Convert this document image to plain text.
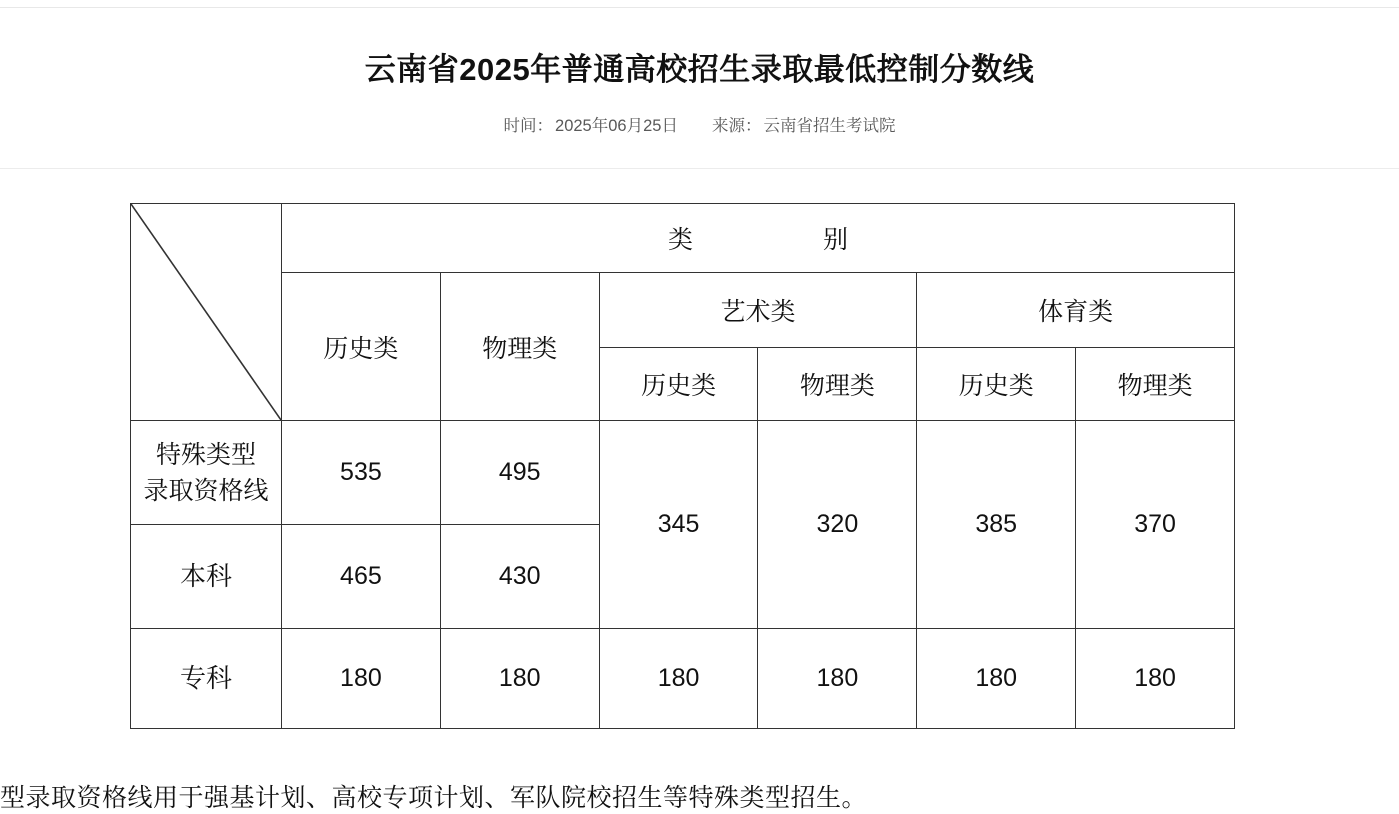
云南省2025年普通高校招生录取最低控制分数线
时间： 2025年06月25日 来源： 云南省招生考试院
	类 别					
	历史类	物理类	艺术类		体育类	
			历史类	物理类	历史类	物理类

特殊类型
录取资格线	535	495	345	320	385	370
本科	465	430				
专科	180	180	180	180	180	180
型录取资格线用于强基计划、高校专项计划、军队院校招生等特殊类型招生。
